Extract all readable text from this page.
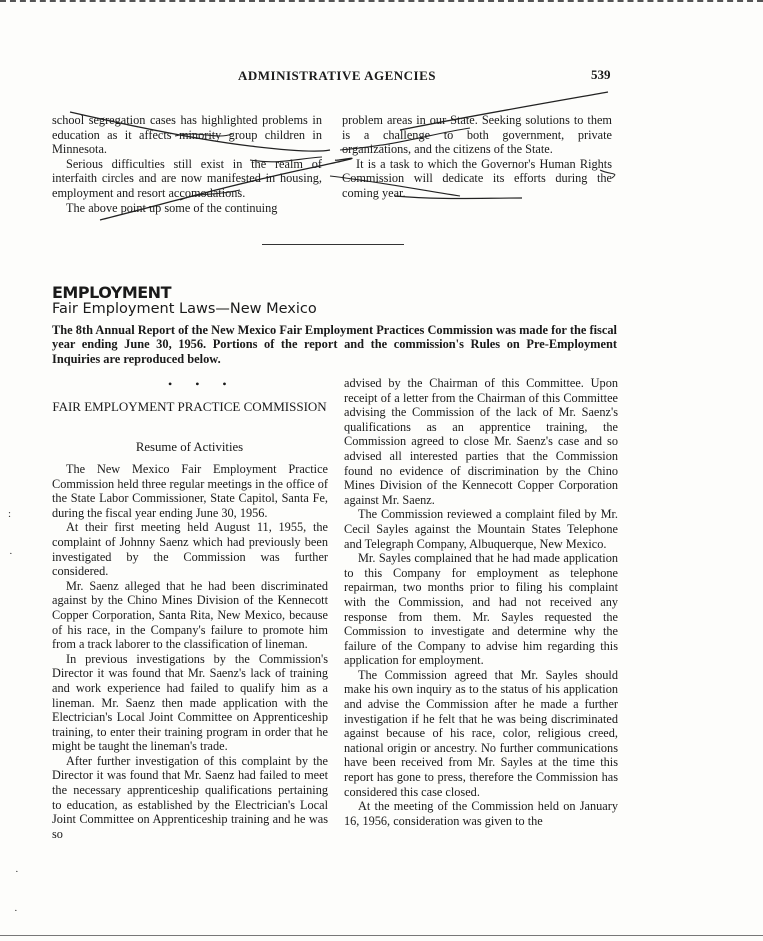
ADMINISTRATIVE AGENCIES	539

school segregation cases has highlighted problems in education as it affects minority group children in Minnesota.

Serious difficulties still exist in the realm of interfaith circles and are now manifested in housing, employment and resort accomodations.

The above point up some of the continuing

problem areas in our State. Seeking solutions to them is a challenge to both government, private organizations, and the citizens of the State.

It is a task to which the Governor's Human Rights Commission will dedicate its efforts during the coming year.

EMPLOYMENT
Fair Employment Laws—New Mexico
The 8th Annual Report of the New Mexico Fair Employment Practices Commission was made for the fiscal year ending June 30, 1956. Portions of the report and the commission's Rules on Pre-Employment Inquiries are reproduced below.
• • •
FAIR EMPLOYMENT PRACTICE COMMISSION
Resume of Activities

The New Mexico Fair Employment Practice Commission held three regular meetings in the office of the State Labor Commissioner, State Capitol, Santa Fe, during the fiscal year ending June 30, 1956.

At their first meeting held August 11, 1955, the complaint of Johnny Saenz which had previously been investigated by the Commission was further considered.

Mr. Saenz alleged that he had been discriminated against by the Chino Mines Division of the Kennecott Copper Corporation, Santa Rita, New Mexico, because of his race, in the Company's failure to promote him from a track laborer to the classification of lineman.

In previous investigations by the Commission's Director it was found that Mr. Saenz's lack of training and work experience had failed to qualify him as a lineman. Mr. Saenz then made application with the Electrician's Local Joint Committee on Apprenticeship training, to enter their training program in order that he might be taught the lineman's trade.

After further investigation of this complaint by the Director it was found that Mr. Saenz had failed to meet the necessary apprenticeship qualifications pertaining to education, as established by the Electrician's Local Joint Committee on Apprenticeship training and he was so

advised by the Chairman of this Committee. Upon receipt of a letter from the Chairman of this Committee advising the Commission of the lack of Mr. Saenz's qualifications as an apprentice training, the Commission agreed to close Mr. Saenz's case and so advised all interested parties that the Commission found no evidence of discrimination by the Chino Mines Division of the Kennecott Copper Corporation against Mr. Saenz.

The Commission reviewed a complaint filed by Mr. Cecil Sayles against the Mountain States Telephone and Telegraph Company, Albuquerque, New Mexico.

Mr. Sayles complained that he had made application to this Company for employment as telephone repairman, two months prior to filing his complaint with the Commission, and had not received any response from them. Mr. Sayles requested the Commission to investigate and determine why the failure of the Company to advise him regarding this application for employment.

The Commission agreed that Mr. Sayles should make his own inquiry as to the status of his application and advise the Commission after he made a further investigation if he felt that he was being discriminated against because of his race, color, religious creed, national origin or ancestry. No further communications have been received from Mr. Sayles at the time this report has gone to press, therefore the Commission has considered this case closed.

At the meeting of the Commission held on January 16, 1956, consideration was given to the

:
·
·
·
